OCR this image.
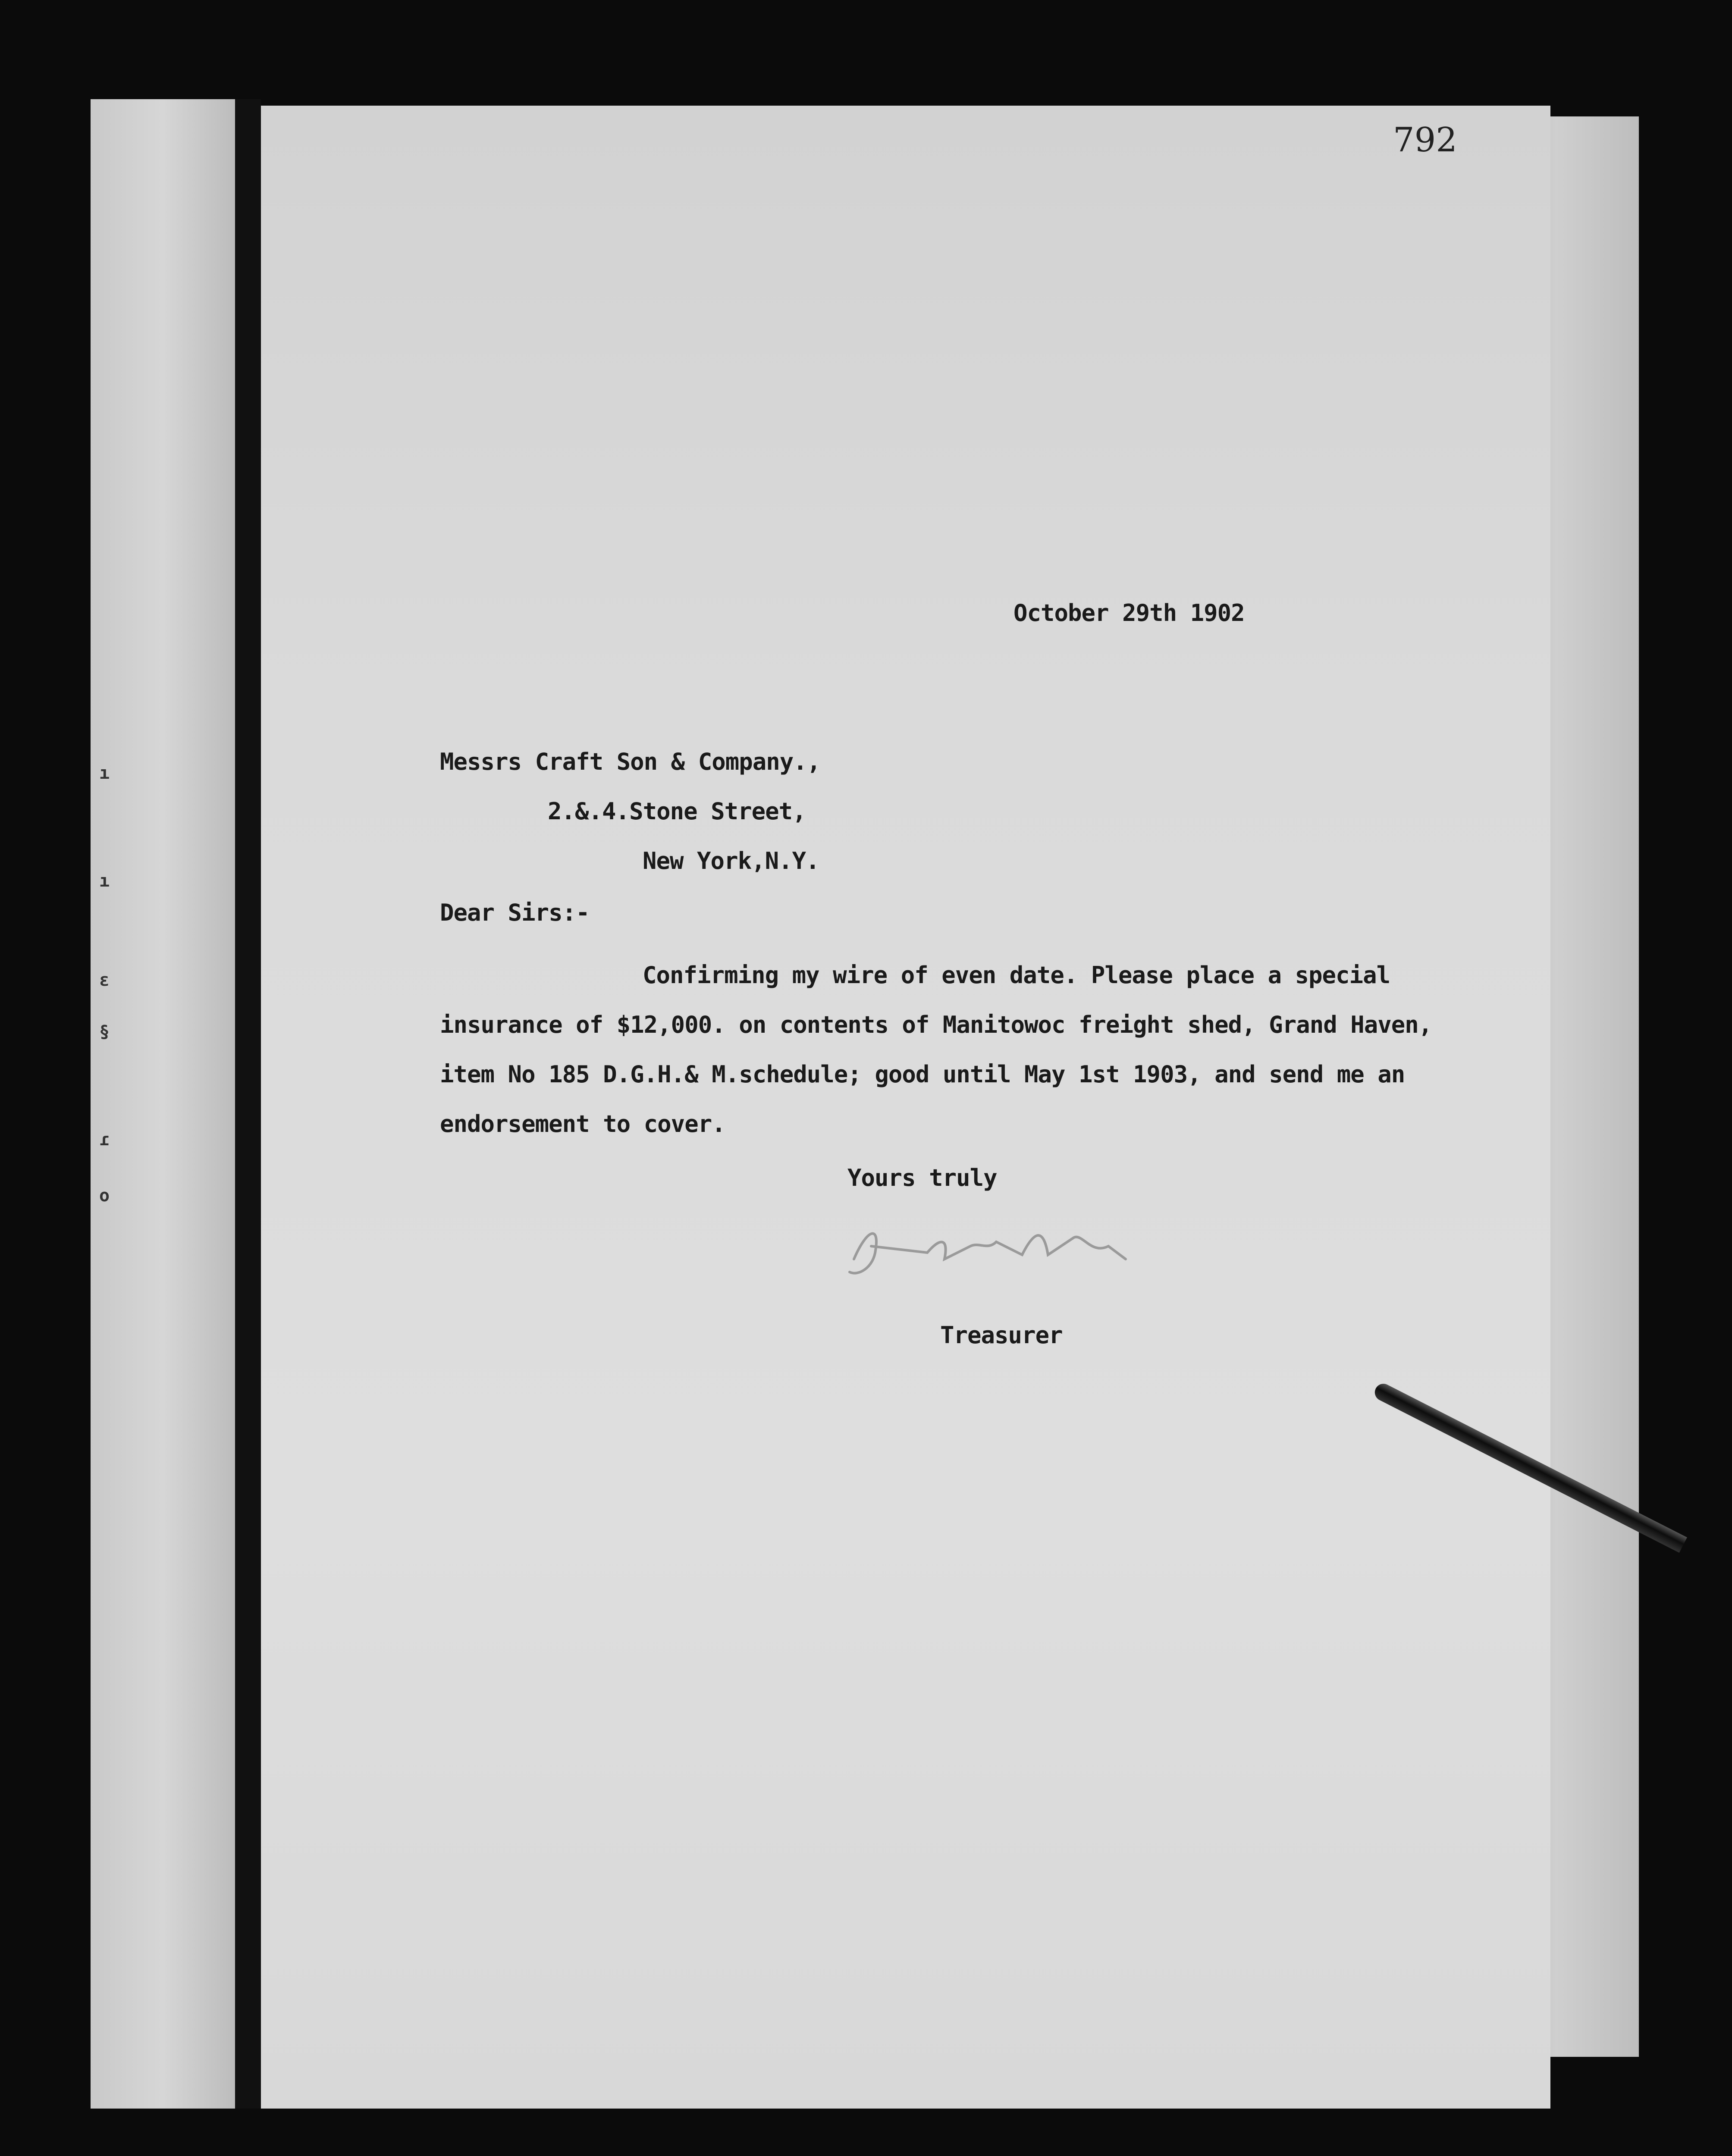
ı
ı
ε
§
ɾ
ο
792
October 29th 1902
Messrs Craft Son & Company.,
2.&.4.Stone Street,
New York,N.Y.
Dear Sirs:-
Confirming my wire of even date. Please place a special
insurance of $12,000. on contents of Manitowoc freight shed, Grand Haven,
item No 185 D.G.H.& M.schedule; good until May 1st 1903, and send me an
endorsement to cover.
Yours truly
Treasurer
